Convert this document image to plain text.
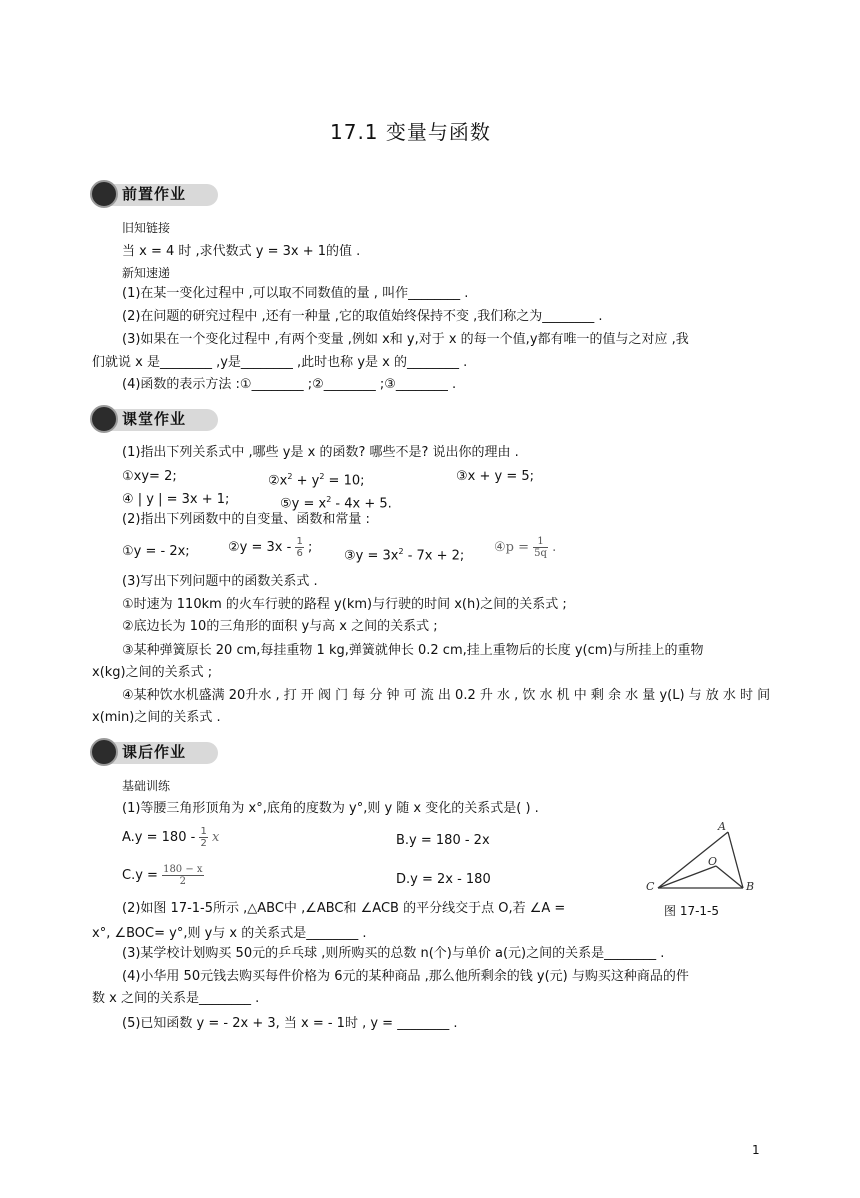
17.1 变量与函数
前置作业
旧知链接
当 x = 4 时 ,求代数式 y = 3x + 1的值 .
新知速递
(1)在某一变化过程中 ,可以取不同数值的量 , 叫作________ .
(2)在问题的研究过程中 ,还有一种量 ,它的取值始终保持不变 ,我们称之为________ .
(3)如果在一个变化过程中 ,有两个变量 ,例如 x和 y,对于 x 的每一个值,y都有唯一的值与之对应 ,我
们就说 x 是________ ,y是________ ,此时也称 y是 x 的________ .
(4)函数的表示方法 :①________ ;②________ ;③________ .
课堂作业
(1)指出下列关系式中 ,哪些 y是 x 的函数? 哪些不是? 说出你的理由 .
①xy= 2;	$②x^2 + y^2 = 10$;	③x + y = 5;
④ | y | = 3x + 1;	⑤y = $x^2 - 4x + 5$.
(2)指出下列函数中的自变量、函数和常量 :
①y = - 2x;	②y = $3x - \frac{1}{6}$ ;
③y = $3x^2 - 7x + 2$;
④p = $\frac{1}{5q}$ .
(3)写出下列问题中的函数关系式 .
①时速为 110km 的火车行驶的路程 y(km)与行驶的时间 x(h)之间的关系式 ;
②底边长为 10的三角形的面积 y与高 x 之间的关系式 ;
③某种弹簧原长 20 cm,每挂重物 1 kg,弹簧就伸长 0.2 cm,挂上重物后的长度 y(cm)与所挂上的重物
x(kg)之间的关系式 ;
④某种饮水机盛满 20升水 , 打 开 阀 门 每 分 钟 可 流 出 0.2 升 水 , 饮 水 机 中 剩 余 水 量 y(L) 与 放 水 时 间
x(min)之间的关系式 .
课后作业
基础训练
(1)等腰三角形顶角为 x°,底角的度数为 y°,则 y 随 x 变化的关系式是( ) .
$A.y = 180 - \frac{1}{2}$ x	B.y = 180 - 2x
$C.y = \frac{180 - x}{2}$	D.y = 2x - 180
A
C	B
O
图 17-1-5
(2)如图 17-1-5所示 ,△ABC中 ,∠ABC和 ∠ACB 的平分线交于点 O,若 ∠A =
x°, ∠BOC= y°,则 y与 x 的关系式是________ .
(3)某学校计划购买 50元的乒乓球 ,则所购买的总数 n(个)与单价 a(元)之间的关系是________ .
(4)小华用 50元钱去购买每件价格为 6元的某种商品 ,那么他所剩余的钱 y(元) 与购买这种商品的件
数 x 之间的关系是________ .
(5)已知函数 y = - 2x + 3, 当 x = - 1时 , y = ________ .
1
